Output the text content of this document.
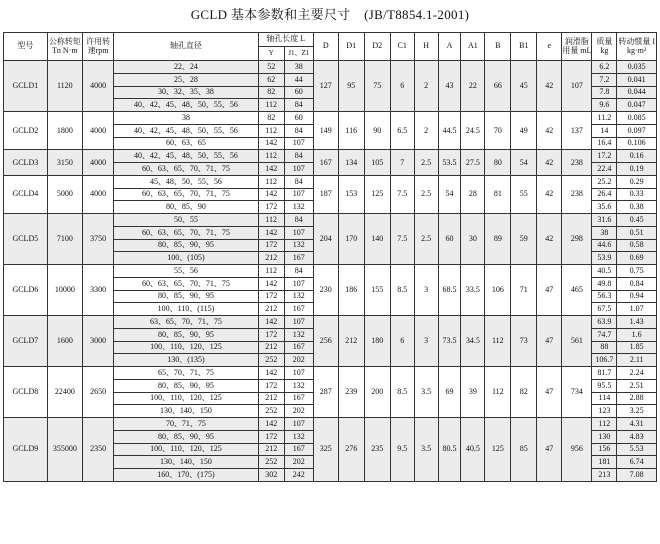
GCLD 基本参数和主要尺寸 (JB/T8854.1-2001)
型号	公称转矩Tn N·m	许用转速rpm	轴孔直径	轴孔长度 L		D	D1	D2	C1	H	A	A1	B	B1	e	润滑脂用量 mL	质量kg	转动惯量 I kg·m²
				Y	J1、Z1													
GCLD1	1120	4000	22、24	52	38	127	95	75	6	2	43	22	66	45	42	107	6.2	0.035
			25、28	62	44												7.2	0.041
			30、32、35、38	82	60												7.8	0.044
			40、42、45、48、50、55、56	112	84												9.6	0.047
GCLD2	1800	4000	38	82	60	149	116	90	6.5	2	44.5	24.5	70	49	42	137	11.2	0.085
			40、42、45、48、50、55、56	112	84												14	0.097
			60、63、65	142	107												16.4	0.106
GCLD3	3150	4000	40、42、45、48、50、55、56	112	84	167	134	105	7	2.5	53.5	27.5	80	54	42	238	17.2	0.16
			60、63、65、70、71、75	142	107												22.4	0.19
GCLD4	5000	4000	45、48、50、55、56	112	84	187	153	125	7.5	2.5	54	28	81	55	42	238	25.2	0.29
			60、63、65、70、71、75	142	107												26.4	0.33
			80、85、90	172	132												35.6	0.38
GCLD5	7100	3750	50、55	112	84	204	170	140	7.5	2.5	60	30	89	59	42	298	31.6	0.45
			60、63、65、70、71、75	142	107												38	0.51
			80、85、90、95	172	132												44.6	0.58
			100、(105)	212	167												53.9	0.69
GCLD6	10000	3300	55、56	112	84	230	186	155	8.5	3	68.5	33.5	106	71	47	465	40.5	0.75
			60、63、65、70、71、75	142	107												49.8	0.84
			80、85、90、95	172	132												56.3	0.94
			100、110、(115)	212	167												67.5	1.07
GCLD7	1600	3000	63、65、70、71、75	142	107	256	212	180	6	3	73.5	34.5	112	73	47	561	63.9	1.43
			80、85、90、95	172	132												74.7	1.6
			100、110、120、125	212	167												88	1.85
			130、(135)	252	202												106.7	2.11
GCLD8	22400	2650	65、70、71、75	142	107	287	239	200	8.5	3.5	69	39	112	82	47	734	81.7	2.24
			80、85、90、95	172	132												95.5	2.51
			100、110、120、125	212	167												114	2.88
			130、140、150	252	202												123	3.25
GCLD9	355000	2350	70、71、75	142	107	325	276	235	9.5	3.5	80.5	40.5	125	85	47	956	112	4.31
			80、85、90、95	172	132												130	4.83
			100、110、120、125	212	167												156	5.53
			130、140、150	252	202												181	6.74
			160、170、(175)	302	242												213	7.08
